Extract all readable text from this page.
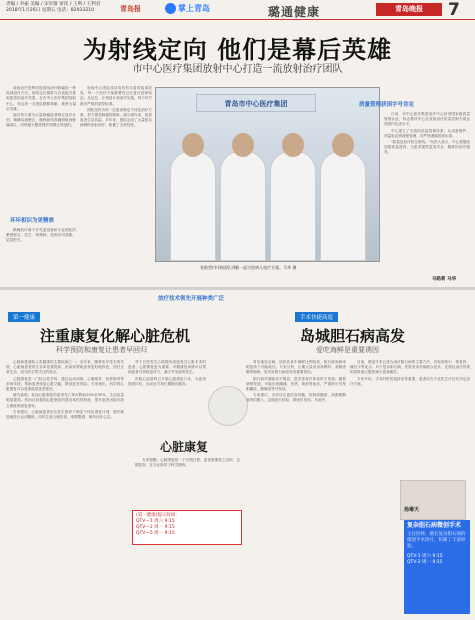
责编 / 李振 美编 / 宋军敏 审读 / 王利 / 王利君
2018年1月26日 星期五 电话：82933210	青岛报	掌上青岛	璐通健康	青岛晚报	7
为射线定向 他们是幕后英雄
市中心医疗集团放射中心打造一流放射治疗团队

放射治疗是利用放射线治疗肿瘤的一种局部治疗方法。射线定位精准与否直接关系到患者的治疗效果，在市中心医疗集团放射中心，有这样一支团队默默奉献，被誉为幕后英雄。

他们每天要为大量肿瘤患者制定放疗计划，精确勾画靶区，确保射线准确照射到肿瘤部位，同时最大限度保护周围正常组织。

坏坏相识为更精准

精确放疗离不开先进设备和专业团队的紧密配合，医生、物理师、技师各司其职，层层把关。

放射中心团队成员均具有丰富的临床经验，每一个治疗方案都要经过反复讨论和验证。从定位、计划设计到治疗实施，每个环节都有严格的质控标准。

团队坚持为每一位患者制定个体化治疗方案，努力提高肿瘤控制率，减少副作用，改善患者生活质量。多年来，团队完成了大量复杂病例的放射治疗，积累了宝贵经验。

青岛市中心医疗集团
张皓哲(中)和团队讲解一起讨论病人放疗方案。马华 摄
放疗技术领先开展种类广泛
质量管理获国字号肯定

日前，市中心医疗集团放疗中心获得国家级质量管理认证，标志着该中心在放射治疗质量控制方面达到国内先进水平。

中心建立了完善的质量管理体系，从设备维护、剂量验证到流程管理，均严格遵循国家标准。

"质量是放疗的生命线。"负责人表示，中心将继续加强质量建设，为患者提供更加安全、精准的治疗服务。

马皓莉 马华
第一健康
注重康复化解心脏危机
科学预防和康复让患者早回归

心脏病是威胁人类健康的主要疾病之一。近年来，随着医疗技术的发展，心脏病患者的生存率显著提高，但如何帮助患者更好地恢复、回归正常生活，成为医学界关注的焦点。

心脏康复是一门综合性学科，通过运动训练、心理疏导、营养指导等多种手段，帮助患者恢复心脏功能，降低复发风险。专家指出，科学的心脏康复可以显著改善患者预后。

研究表明，参加心脏康复的患者死亡率可降低20%至30%，生活质量明显提高。然而目前我国心脏康复的普及率仍然较低，很多患者出院后缺乏系统的康复指导。

专家建议，心脏病患者应在医生指导下制定个体化康复计划，循序渐进地进行运动锻炼，同时注意合理饮食、戒烟限酒、保持良好心态。

对于已经发生心肌梗死或接受过心脏手术的患者，心脏康复更为重要。早期康复训练可以帮助患者尽快恢复体力，减少并发症的发生。

医院心血管科已开展心脏康复门诊，为患者提供评估、运动处方和长期随访服务。

心脏康复

专家提醒，心脏康复是一个长期过程，患者需要持之以恒，定期复查，在专业指导下科学锻炼。

(第一健康)提示时间：
QTV—1 周六 9:15
QTV—2 周一 9:15
QTV—5 周一 9:15
手术快捷高度
岛城胆石病高发
爱吃海鲜是重要诱因

青岛地处沿海，居民饮食中海鲜比例较高，胆石病发病率明显高于内陆地区。专家分析，长期大量食用高嘌呤、高胆固醇的海鲜，是导致胆石病高发的重要原因。

胆石病早期症状不明显，很多患者在体检时才发现。随着病情发展，可能出现腹痛、发热、黄疸等症状，严重时可引发胆囊炎、胰腺炎等并发症。

专家建议，市民应注意饮食均衡，控制高脂肪、高胆固醇食物的摄入，定期进行体检，做到早发现、早治疗。

目前，微创手术已成为治疗胆石病的主要方法，具有创伤小、恢复快、痛苦少等优点。对于复杂胆石病，医院采用多镜联合技术，在保证治疗效果的同时最大限度减少患者痛苦。

专家介绍，手术时机的选择非常重要，患者应在专业医生评估后决定治疗方案。

扬琳天
复杂胆石病微创手术
主任医师，擅长复杂胆石病的微创手术治疗，积累了丰富经验。
QTV-1 周六 9:15
QTV-2 周一 9:15
